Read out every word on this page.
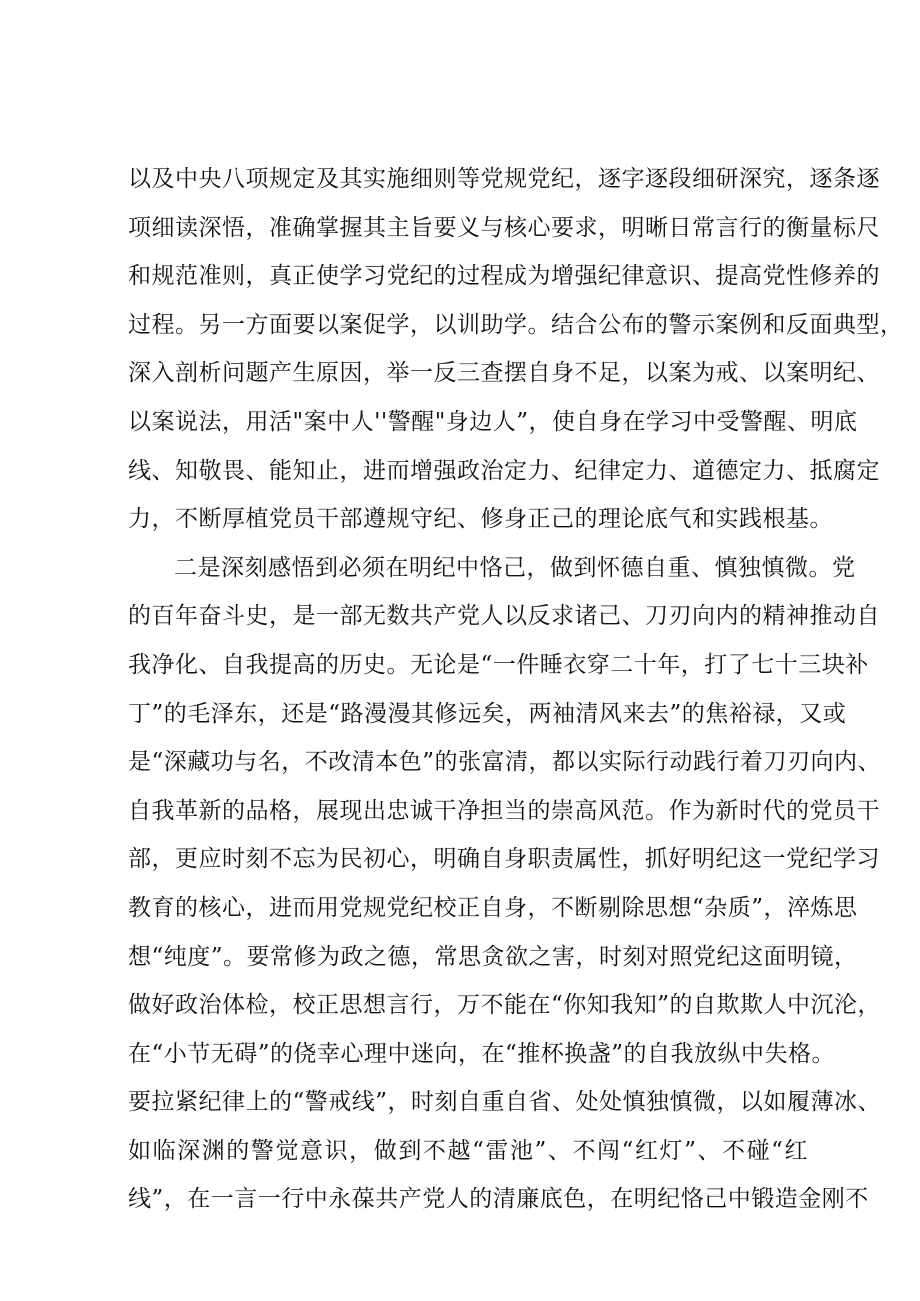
以及中央八项规定及其实施细则等党规党纪，逐字逐段细研深究，逐条逐
项细读深悟，准确掌握其主旨要义与核心要求，明晰日常言行的衡量标尺
和规范准则，真正使学习党纪的过程成为增强纪律意识、提高党性修养的
过程。另一方面要以案促学，以训助学。结合公布的警示案例和反面典型，
深入剖析问题产生原因，举一反三查摆自身不足，以案为戒、以案明纪、
以案说法，用活"案中人''警醒"身边人”，使自身在学习中受警醒、明底
线、知敬畏、能知止，进而增强政治定力、纪律定力、道德定力、抵腐定
力，不断厚植党员干部遵规守纪、修身正己的理论底气和实践根基。
二是深刻感悟到必须在明纪中恪己，做到怀德自重、慎独慎微。党
的百年奋斗史，是一部无数共产党人以反求诸己、刀刃向内的精神推动自
我净化、自我提高的历史。无论是“一件睡衣穿二十年，打了七十三块补
丁”的毛泽东，还是“路漫漫其修远矣，两袖清风来去”的焦裕禄，又或
是“深藏功与名，不改清本色”的张富清，都以实际行动践行着刀刃向内、
自我革新的品格，展现出忠诚干净担当的崇高风范。作为新时代的党员干
部，更应时刻不忘为民初心，明确自身职责属性，抓好明纪这一党纪学习
教育的核心，进而用党规党纪校正自身，不断剔除思想“杂质”，淬炼思
想“纯度”。要常修为政之德，常思贪欲之害，时刻对照党纪这面明镜，
做好政治体检，校正思想言行，万不能在“你知我知”的自欺欺人中沉沦，
在“小节无碍”的侥幸心理中迷向，在“推杯换盏”的自我放纵中失格。
要拉紧纪律上的“警戒线”，时刻自重自省、处处慎独慎微，以如履薄冰、
如临深渊的警觉意识，做到不越“雷池”、不闯“红灯”、不碰“红
线”，在一言一行中永葆共产党人的清廉底色，在明纪恪己中锻造金刚不
